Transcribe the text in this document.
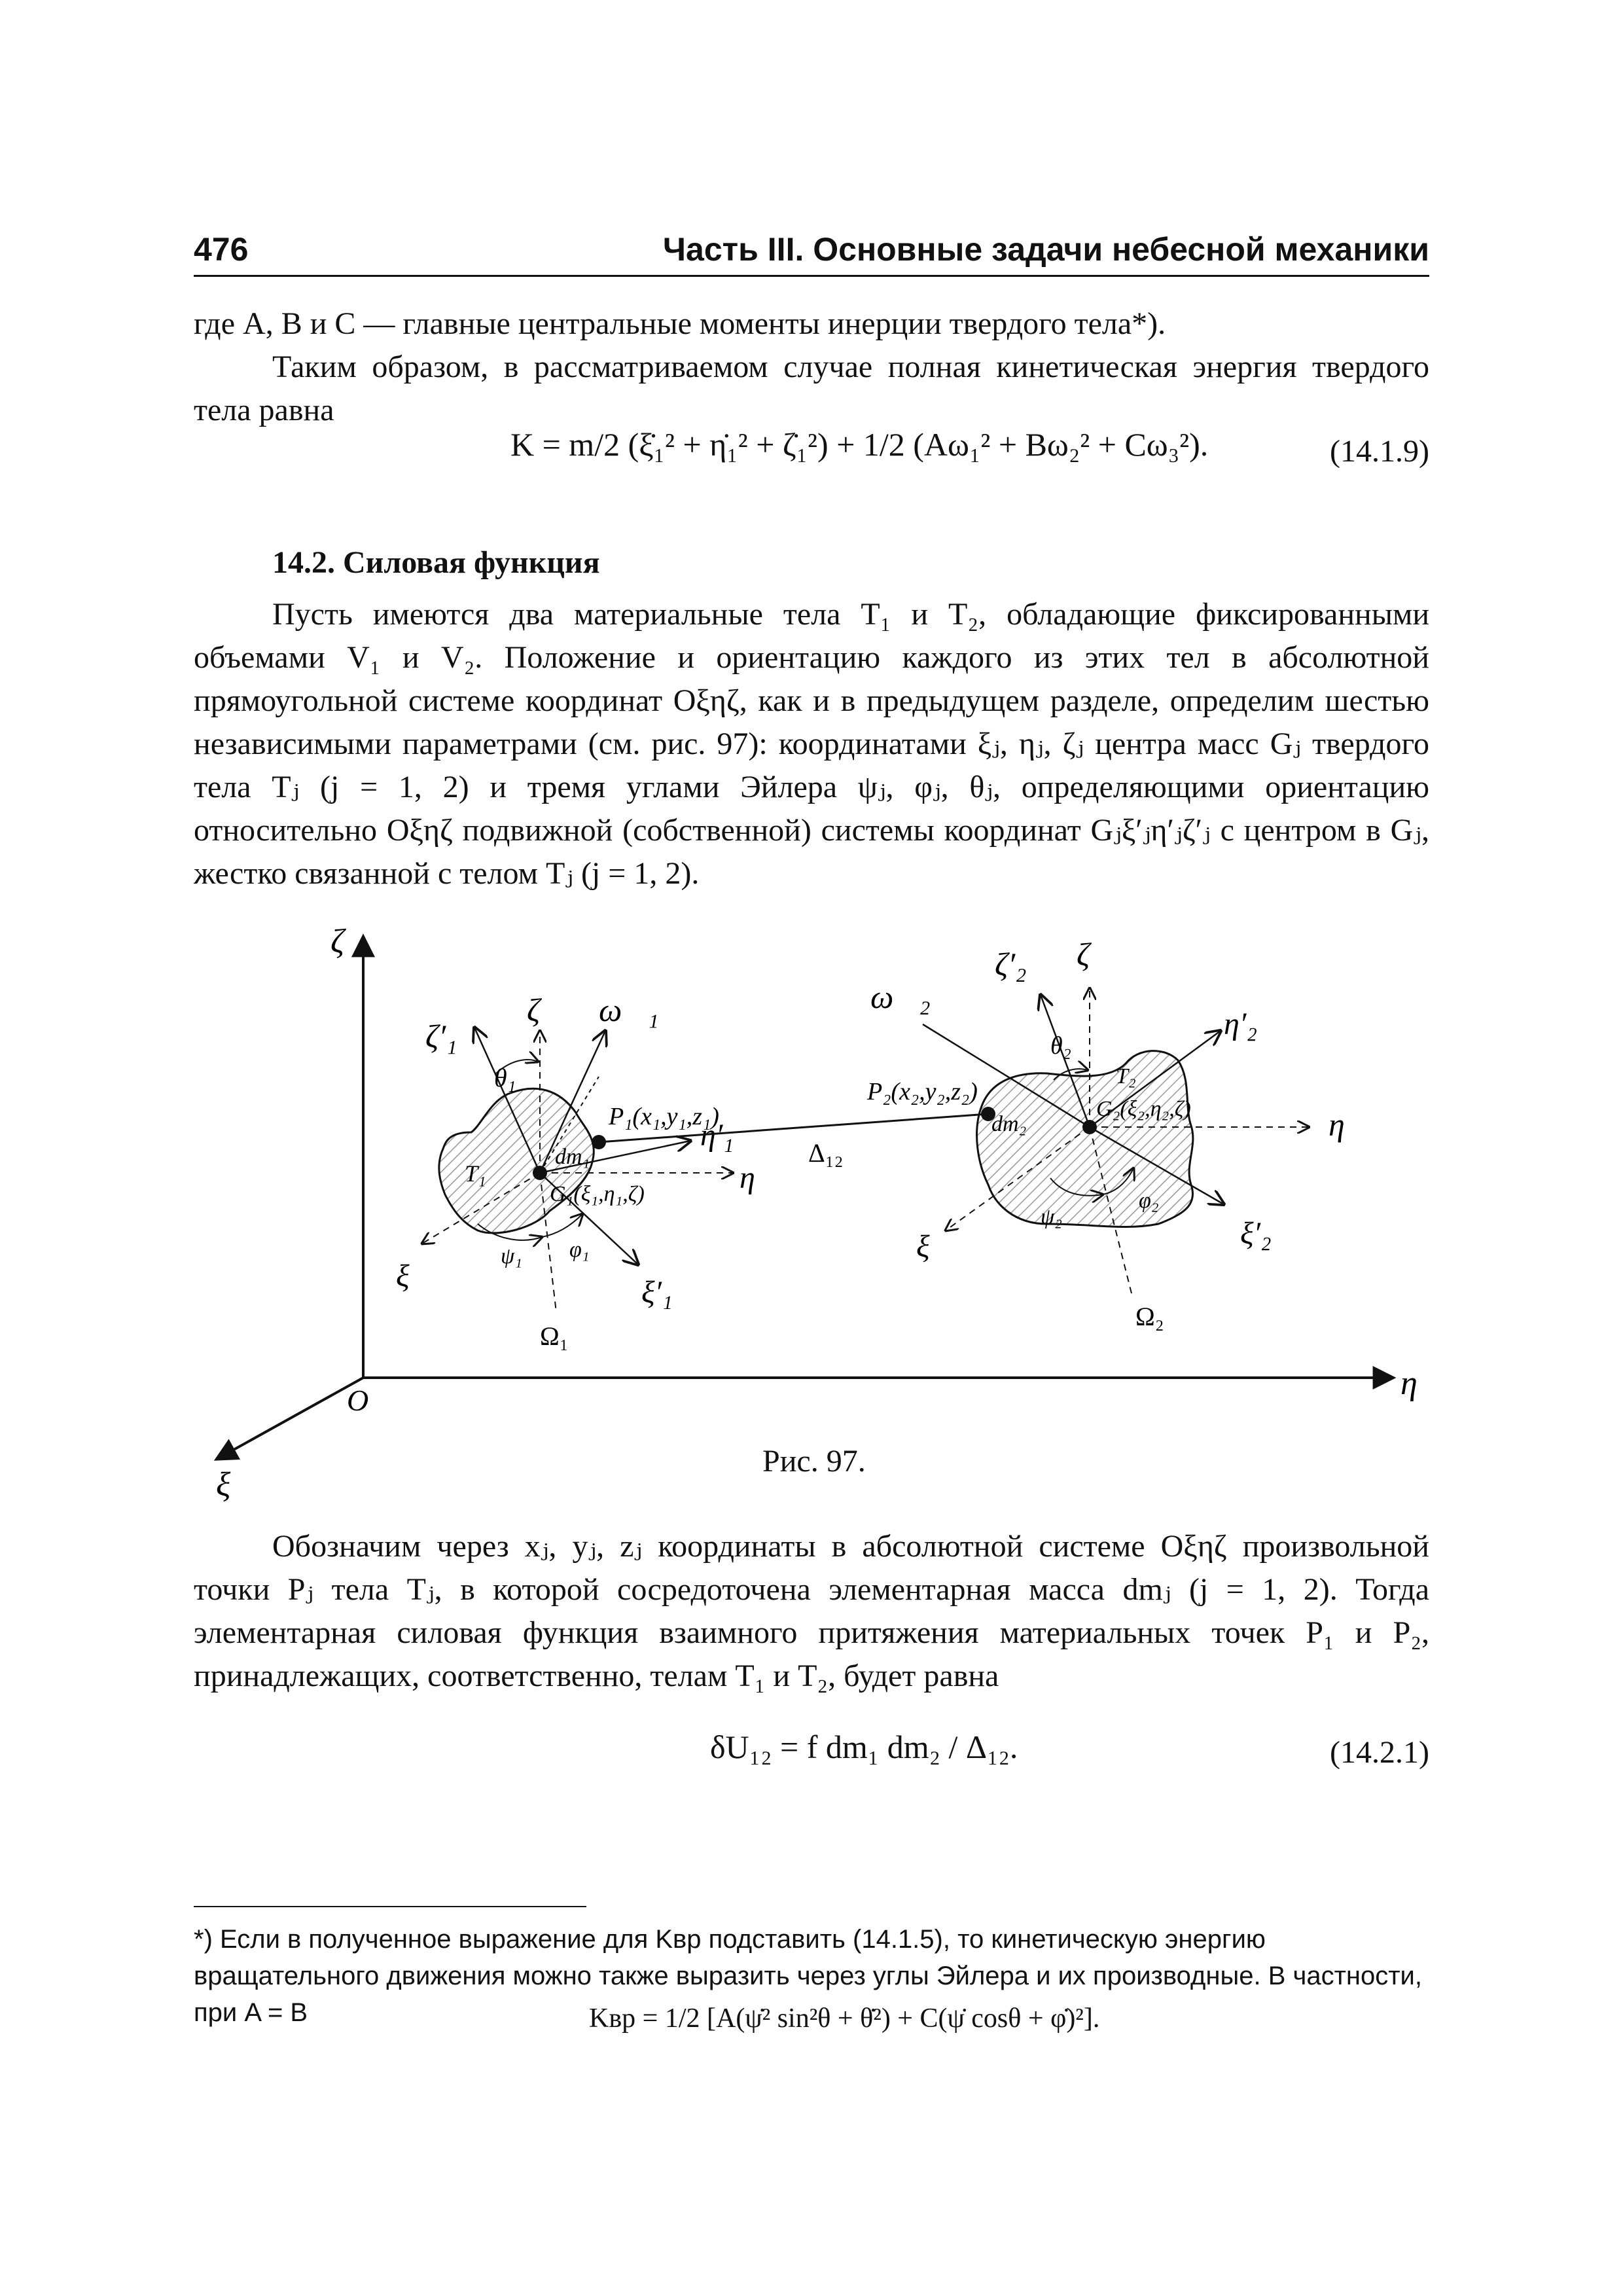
476	Часть III. Основные задачи небесной механики
где A, B и C — главные центральные моменты инерции твердого тела*).
Таким образом, в рассматриваемом случае полная кинетическая энергия твердого тела равна
K = m/2 (ξ̇₁² + η̇₁² + ζ̇₁²) + 1/2 (Aω₁² + Bω₂² + Cω₃²).	(14.1.9)
14.2. Силовая функция
Пусть имеются два материальные тела T₁ и T₂, обладающие фиксированными объемами V₁ и V₂. Положение и ориентацию каждого из этих тел в абсолютной прямоугольной системе координат Oξηζ, как и в предыдущем разделе, определим шестью независимыми параметрами (см. рис. 97): координатами ξⱼ, ηⱼ, ζⱼ центра масс Gⱼ твердого тела Tⱼ (j = 1, 2) и тремя углами Эйлера ψⱼ, φⱼ, θⱼ, определяющими ориентацию относительно Oξηζ подвижной (собственной) системы координат Gⱼξ′ⱼη′ⱼζ′ⱼ с центром в Gⱼ, жестко связанной с телом Tⱼ (j = 1, 2).
ζ
η
ξ
O
ζ′₁
ζ ω⃗₁
θ₁
T₁
dm₁
P₁(x₁,y₁,z₁)
G₁(ξ₁,η₁,ζ)
η′₁
η
ξ
ψ₁ φ₁
Ω₁
ξ′₁
Δ₁₂
ω⃗₂
ζ′₂ ζ
θ₂
η′₂
T₂
P₂(x₂,y₂,z₂)
dm₂
G₂(ξ₂,η₂,ζ)	η
ξ
ψ₂
φ₂
ξ′₂
Ω₂
Рис. 97.
Обозначим через xⱼ, yⱼ, zⱼ координаты в абсолютной системе Oξηζ произвольной точки Pⱼ тела Tⱼ, в которой сосредоточена элементарная масса dmⱼ (j = 1, 2). Тогда элементарная силовая функция взаимного притяжения материальных точек P₁ и P₂, принадлежащих, соответственно, телам T₁ и T₂, будет равна
δU₁₂ = f dm₁ dm₂ / Δ₁₂.	(14.2.1)
*) Если в полученное выражение для Kвр подставить (14.1.5), то кинетическую энергию вращательного движения можно также выразить через углы Эйлера и их производные. В частности, при A = B	Kвр = 1/2 [A(ψ̇² sin²θ + θ̇²) + C(ψ̇ cosθ + φ̇)²].
